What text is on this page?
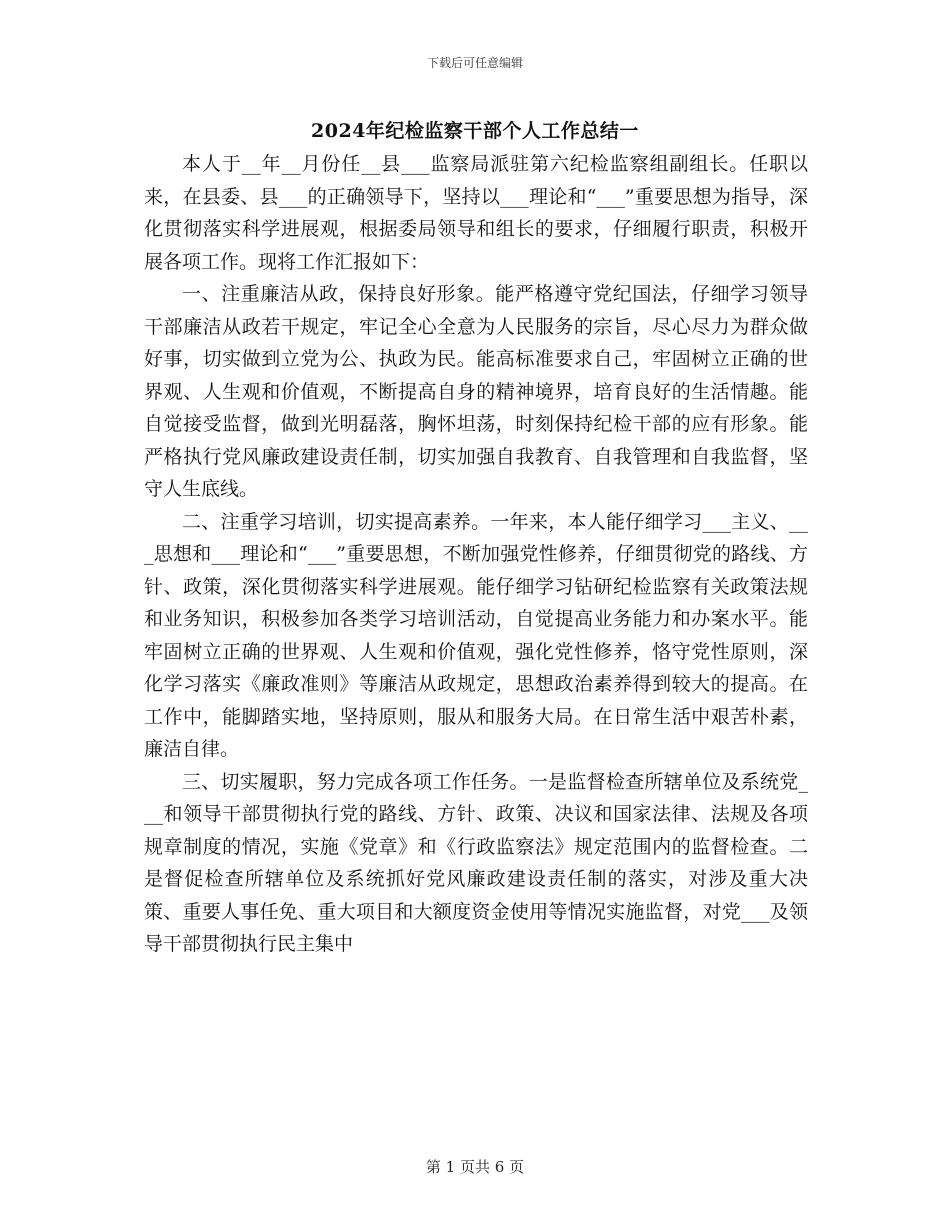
下载后可任意编辑
2024年纪检监察干部个人工作总结一

本人于__年__月份任__县___监察局派驻第六纪检监察组副组长。任职以来，在县委、县___的正确领导下，坚持以___理论和“___”重要思想为指导，深化贯彻落实科学进展观，根据委局领导和组长的要求，仔细履行职责，积极开展各项工作。现将工作汇报如下：

一、注重廉洁从政，保持良好形象。能严格遵守党纪国法，仔细学习领导干部廉洁从政若干规定，牢记全心全意为人民服务的宗旨，尽心尽力为群众做好事，切实做到立党为公、执政为民。能高标准要求自己，牢固树立正确的世界观、人生观和价值观，不断提高自身的精神境界，培育良好的生活情趣。能自觉接受监督，做到光明磊落，胸怀坦荡，时刻保持纪检干部的应有形象。能严格执行党风廉政建设责任制，切实加强自我教育、自我管理和自我监督，坚守人生底线。

二、注重学习培训，切实提高素养。一年来，本人能仔细学习___主义、___思想和___理论和“___”重要思想，不断加强党性修养，仔细贯彻党的路线、方针、政策，深化贯彻落实科学进展观。能仔细学习钻研纪检监察有关政策法规和业务知识，积极参加各类学习培训活动，自觉提高业务能力和办案水平。能牢固树立正确的世界观、人生观和价值观，强化党性修养，恪守党性原则，深化学习落实《廉政准则》等廉洁从政规定，思想政治素养得到较大的提高。在工作中，能脚踏实地，坚持原则，服从和服务大局。在日常生活中艰苦朴素，廉洁自律。

三、切实履职，努力完成各项工作任务。一是监督检查所辖单位及系统党___和领导干部贯彻执行党的路线、方针、政策、决议和国家法律、法规及各项规章制度的情况，实施《党章》和《行政监察法》规定范围内的监督检查。二是督促检查所辖单位及系统抓好党风廉政建设责任制的落实，对涉及重大决策、重要人事任免、重大项目和大额度资金使用等情况实施监督，对党___及领导干部贯彻执行民主集中

第 1 页共 6 页
